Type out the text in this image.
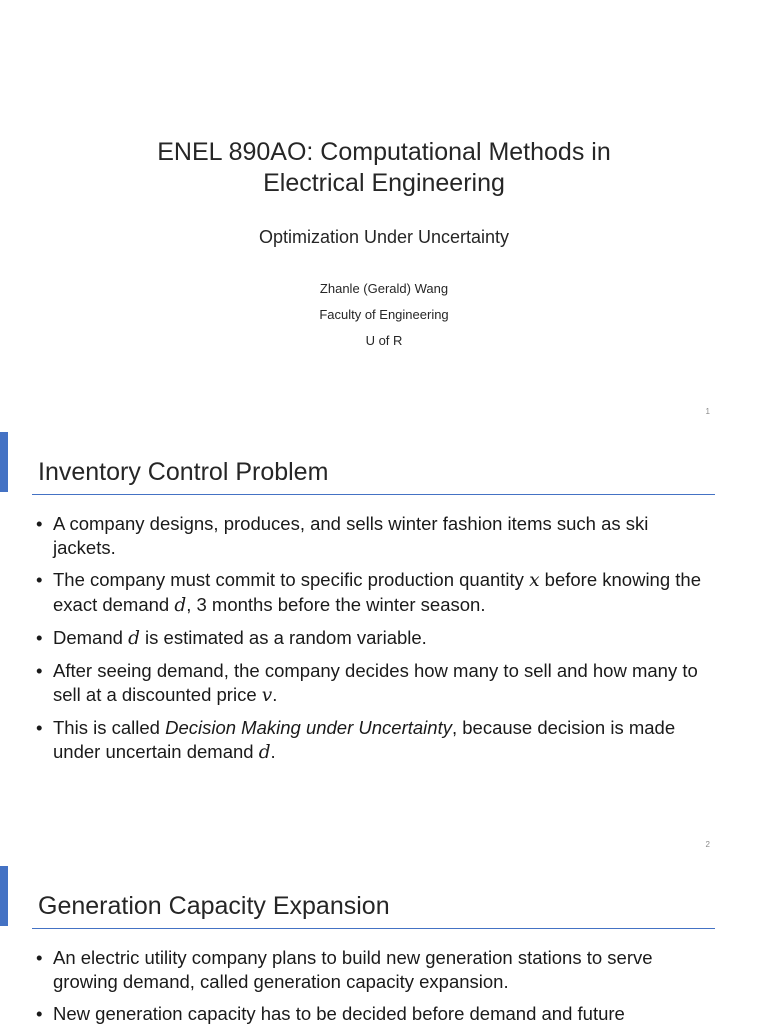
ENEL 890AO: Computational Methods in
Electrical Engineering
Optimization Under Uncertainty
Zhanle (Gerald) Wang
Faculty of Engineering
U of R
1
Inventory Control Problem
• A company designs, produces, and sells winter fashion items such as ski jackets.
• The company must commit to specific production quantity x before knowing the exact demand d, 3 months before the winter season.
• Demand d is estimated as a random variable.
• After seeing demand, the company decides how many to sell and how many to sell at a discounted price v.
• This is called Decision Making under Uncertainty, because decision is made under uncertain demand d.
2
Generation Capacity Expansion
• An electric utility company plans to build new generation stations to serve growing demand, called generation capacity expansion.
• New generation capacity has to be decided before demand and future
